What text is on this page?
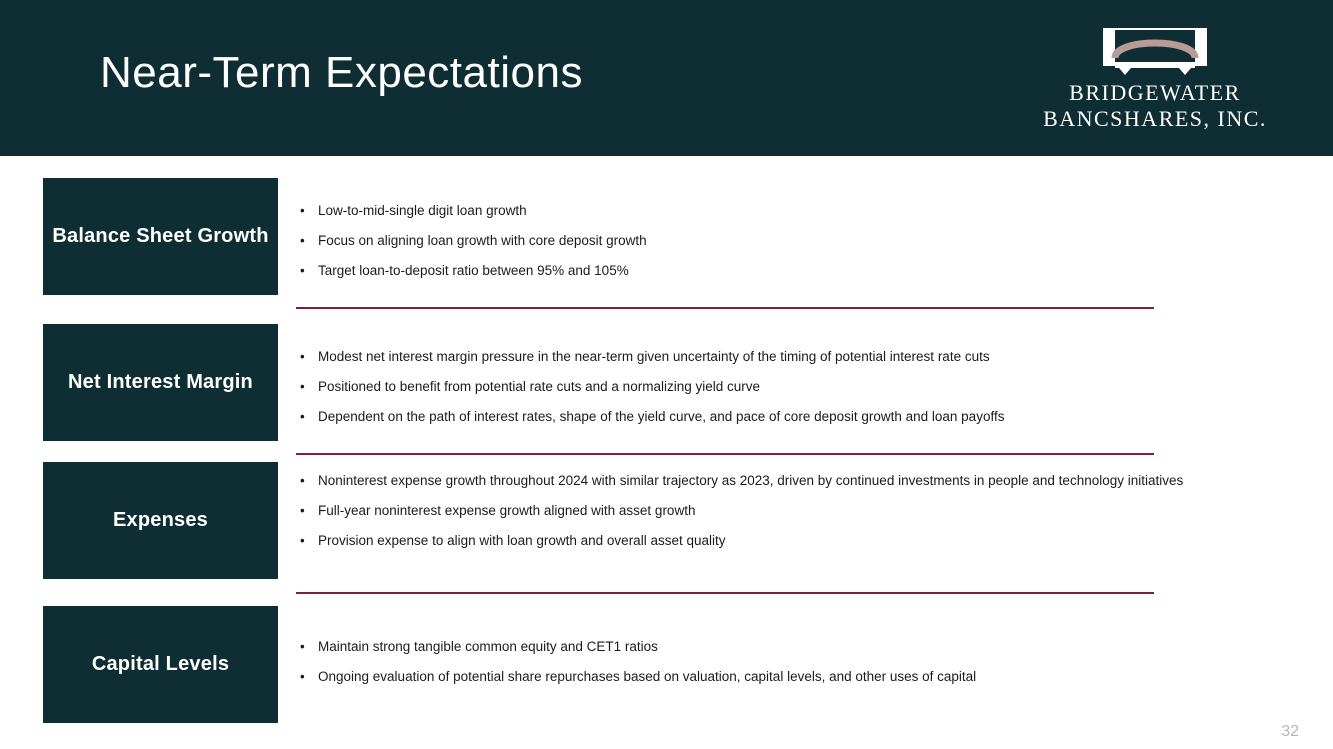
Near-Term Expectations	BRIDGEWATER
BANCSHARES, INC.
Balance Sheet Growth
• Low-to-mid-single digit loan growth
• Focus on aligning loan growth with core deposit growth
• Target loan-to-deposit ratio between 95% and 105%
Net Interest Margin
• Modest net interest margin pressure in the near-term given uncertainty of the timing of potential interest rate cuts
• Positioned to benefit from potential rate cuts and a normalizing yield curve
• Dependent on the path of interest rates, shape of the yield curve, and pace of core deposit growth and loan payoffs
Expenses
• Noninterest expense growth throughout 2024 with similar trajectory as 2023, driven by continued investments in people and technology initiatives
• Full-year noninterest expense growth aligned with asset growth
• Provision expense to align with loan growth and overall asset quality
Capital Levels
• Maintain strong tangible common equity and CET1 ratios
• Ongoing evaluation of potential share repurchases based on valuation, capital levels, and other uses of capital
32
